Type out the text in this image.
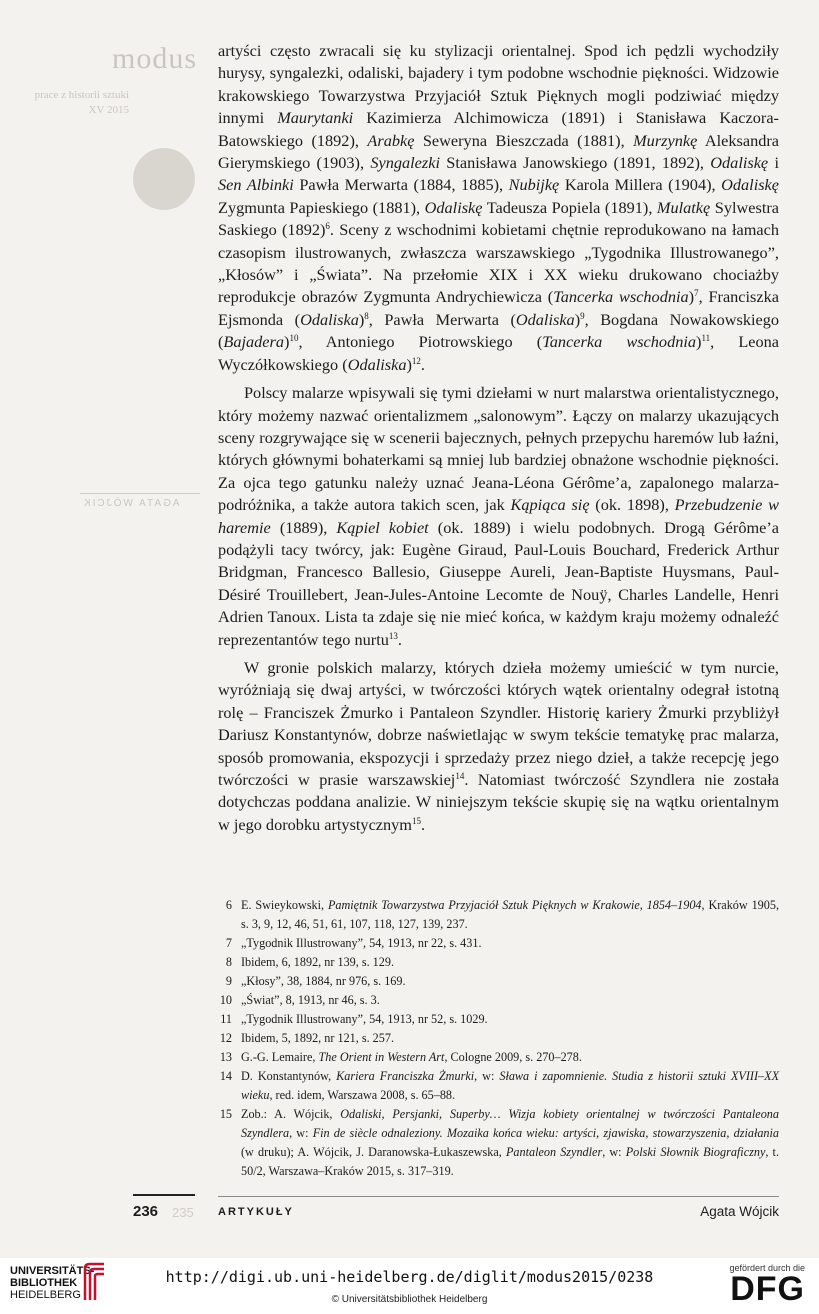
modus
prace z historii sztuki
XV 2015
AGATA WÓJCIK

artyści często zwracali się ku stylizacji orientalnej. Spod ich pędzli wychodziły hurysy, syngalezki, odaliski, bajadery i tym podobne wschodnie piękności. Widzowie krakowskiego Towarzystwa Przyjaciół Sztuk Pięknych mogli podziwiać między innymi Maurytanki Kazimierza Alchimowicza (1891) i Stanisława Kaczora-Batowskiego (1892), Arabkę Seweryna Bieszczada (1881), Murzynkę Aleksandra Gierymskiego (1903), Syngalezki Stanisława Janowskiego (1891, 1892), Odaliskę i Sen Albinki Pawła Merwarta (1884, 1885), Nubijkę Karola Millera (1904), Odaliskę Zygmunta Papieskiego (1881), Odaliskę Tadeusza Popiela (1891), Mulatkę Sylwestra Saskiego $(1892)^6$. Sceny z wschodnimi kobietami chętnie reprodukowano na łamach czasopism ilustrowanych, zwłaszcza warszawskiego „Tygodnika Illustrowanego”, „Kłosów” i „Świata”. Na przełomie XIX i XX wieku drukowano chociażby reprodukcje obrazów Zygmunta Andrychiewicza (Tancerka wschodnia)$^7$, Franciszka Ejsmonda (Odaliska)$^8$, Pawła Merwarta (Odaliska)$^9$, Bogdana Nowakowskiego (Bajadera)$^{10}$, Antoniego Piotrowskiego (Tancerka wschodnia)$^{11}$, Leona Wyczółkowskiego (Odaliska)$^{12}$.

Polscy malarze wpisywali się tymi dziełami w nurt malarstwa orientalistycznego, który możemy nazwać orientalizmem „salonowym”. Łączy on malarzy ukazujących sceny rozgrywające się w scenerii bajecznych, pełnych przepychu haremów lub łaźni, których głównymi bohaterkami są mniej lub bardziej obnażone wschodnie piękności. Za ojca tego gatunku należy uznać Jeana-Léona Gérôme’a, zapalonego malarza-podróżnika, a także autora takich scen, jak Kąpiąca się (ok. 1898), Przebudzenie w haremie (1889), Kąpiel kobiet (ok. 1889) i wielu podobnych. Drogą Gérôme’a podążyli tacy twórcy, jak: Eugène Giraud, Paul-Louis Bouchard, Frederick Arthur Bridgman, Francesco Ballesio, Giuseppe Aureli, Jean-Baptiste Huysmans, Paul-Désiré Trouillebert, Jean-Jules-Antoine Lecomte de Nouÿ, Charles Landelle, Henri Adrien Tanoux. Lista ta zdaje się nie mieć końca, w każdym kraju możemy odnaleźć reprezentantów tego nurtu$^{13}$.

W gronie polskich malarzy, których dzieła możemy umieścić w tym nurcie, wyróżniają się dwaj artyści, w twórczości których wątek orientalny odegrał istotną rolę – Franciszek Żmurko i Pantaleon Szyndler. Historię kariery Żmurki przybliżył Dariusz Konstantynów, dobrze naświetlając w swym tekście tematykę prac malarza, sposób promowania, ekspozycji i sprzedaży przez niego dzieł, a także recepcję jego twórczości w prasie warszawskiej$^{14}$. Natomiast twórczość Szyndlera nie została dotychczas poddana analizie. W niniejszym tekście skupię się na wątku orientalnym w jego dorobku artystycznym$^{15}$.

6 E. Swieykowski, Pamiętnik Towarzystwa Przyjaciół Sztuk Pięknych w Krakowie, 1854–1904, Kraków 1905, s. 3, 9, 12, 46, 51, 61, 107, 118, 127, 139, 237.
7 „Tygodnik Illustrowany”, 54, 1913, nr 22, s. 431.
8 Ibidem, 6, 1892, nr 139, s. 129.
9 „Kłosy”, 38, 1884, nr 976, s. 169.
10 „Świat”, 8, 1913, nr 46, s. 3.
11 „Tygodnik Illustrowany”, 54, 1913, nr 52, s. 1029.
12 Ibidem, 5, 1892, nr 121, s. 257.
13 G.-G. Lemaire, The Orient in Western Art, Cologne 2009, s. 270–278.
14 D. Konstantynów, Kariera Franciszka Żmurki, w: Sława i zapomnienie. Studia z historii sztuki XVIII–XX wieku, red. idem, Warszawa 2008, s. 65–88.
15 Zob.: A. Wójcik, Odaliski, Persjanki, Superby… Wizja kobiety orientalnej w twórczości Pantaleona Szyndlera, w: Fin de siècle odnaleziony. Mozaika końca wieku: artyści, zjawiska, stowarzyszenia, działania (w druku); A. Wójcik, J. Daranowska-Łukaszewska, Pantaleon Szyndler, w: Polski Słownik Biograficzny, t. 50/2, Warszawa–Kraków 2015, s. 317–319.
236 235 ARTYKUŁY	Agata Wójcik
UNIVERSITÄTS-
BIBLIOTHEK
HEIDELBERG
http://digi.ub.uni-heidelberg.de/diglit/modus2015/0238
© Universitätsbibliothek Heidelberg
gefördert durch die
DFG
